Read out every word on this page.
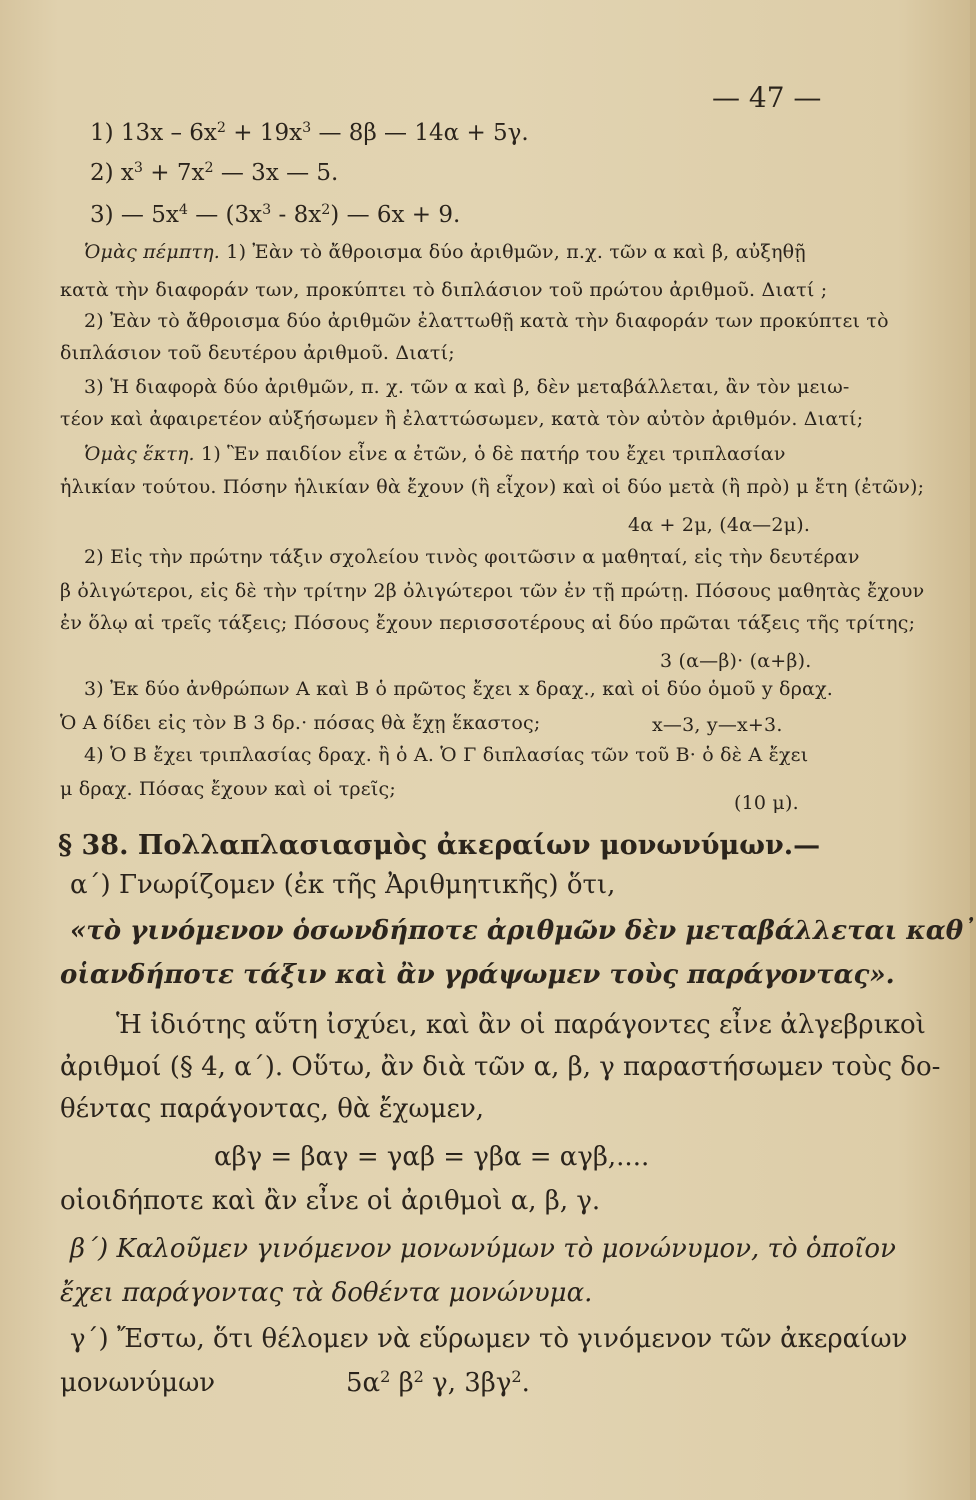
— 47 —
1) $13x - 6x^2 + 19x^3$ — 8β — 14α + 5γ.
2) $x^3 + 7x^2$ — 3x — 5.
3) — $5x^4$ — $(3x^3 - 8x^2)$ — 6x + 9.
Ὁμὰς πέμπτη. 1) Ἐὰν τὸ ἄθροισμα δύο ἀριθμῶν, π.χ. τῶν α καὶ β, αὐξηθῇ
κατὰ τὴν διαφοράν των, προκύπτει τὸ διπλάσιον τοῦ πρώτου ἀριθμοῦ. Διατί ;
2) Ἐὰν τὸ ἄθροισμα δύο ἀριθμῶν ἐλαττωθῇ κατὰ τὴν διαφοράν των προκύπτει τὸ
διπλάσιον τοῦ δευτέρου ἀριθμοῦ. Διατί;
3) Ἡ διαφορὰ δύο ἀριθμῶν, π. χ. τῶν α καὶ β, δὲν μεταβάλλεται, ἂν τὸν μειω-
τέον καὶ ἀφαιρετέον αὐξήσωμεν ἢ ἐλαττώσωμεν, κατὰ τὸν αὐτὸν ἀριθμόν. Διατί;
Ὁμὰς ἕκτη. 1) Ἓν παιδίον εἶνε α ἐτῶν, ὁ δὲ πατήρ του ἔχει τριπλασίαν
ἡλικίαν τούτου. Πόσην ἡλικίαν θὰ ἔχουν (ἢ εἶχον) καὶ οἱ δύο μετὰ (ἢ πρὸ) μ ἔτη (ἐτῶν);
4α + 2μ, (4α—2μ).
2) Εἰς τὴν πρώτην τάξιν σχολείου τινὸς φοιτῶσιν α μαθηταί, εἰς τὴν δευτέραν
β ὀλιγώτεροι, εἰς δὲ τὴν τρίτην 2β ὀλιγώτεροι τῶν ἐν τῇ πρώτῃ. Πόσους μαθητὰς ἔχουν
ἐν ὅλῳ αἱ τρεῖς τάξεις; Πόσους ἔχουν περισσοτέρους αἱ δύο πρῶται τάξεις τῆς τρίτης;
3 (α—β)· (α+β).
3) Ἐκ δύο ἀνθρώπων Α καὶ Β ὁ πρῶτος ἔχει x δραχ., καὶ οἱ δύο ὁμοῦ y δραχ.
Ὁ Α δίδει εἰς τὸν Β 3 δρ.· πόσας θὰ ἔχῃ ἕκαστος;	x—3, y—x+3.
4) Ὁ Β ἔχει τριπλασίας δραχ. ἢ ὁ Α. Ὁ Γ διπλασίας τῶν τοῦ Β· ὁ δὲ Α ἔχει
μ δραχ. Πόσας ἔχουν καὶ οἱ τρεῖς;
(10 μ).
§ 38. Πολλαπλασιασμὸς ἀκεραίων μονωνύμων.—
α΄) Γνωρίζομεν (ἐκ τῆς Ἀριθμητικῆς) ὅτι,
«τὸ γινόμενον ὁσωνδήποτε ἀριθμῶν δὲν μεταβάλλεται καθ᾽
οἱανδήποτε τάξιν καὶ ἂν γράψωμεν τοὺς παράγοντας».
Ἡ ἰδιότης αὕτη ἰσχύει, καὶ ἂν οἱ παράγοντες εἶνε ἀλγεβρικοὶ
ἀριθμοί (§ 4, α΄). Οὕτω, ἂν διὰ τῶν α, β, γ παραστήσωμεν τοὺς δο-
θέντας παράγοντας, θὰ ἔχωμεν,
αβγ = βαγ = γαβ = γβα = αγβ,....
οἱοιδήποτε καὶ ἂν εἶνε οἱ ἀριθμοὶ α, β, γ.
β΄) Καλοῦμεν γινόμενον μονωνύμων τὸ μονώνυμον, τὸ ὁποῖον
ἔχει παράγοντας τὰ δοθέντα μονώνυμα.
γ΄) Ἔστω, ὅτι θέλομεν νὰ εὕρωμεν τὸ γινόμενον τῶν ἀκεραίων
μονωνύμων	$5\alpha^2$ $\beta^2$ γ, $3\beta\gamma^2$.
